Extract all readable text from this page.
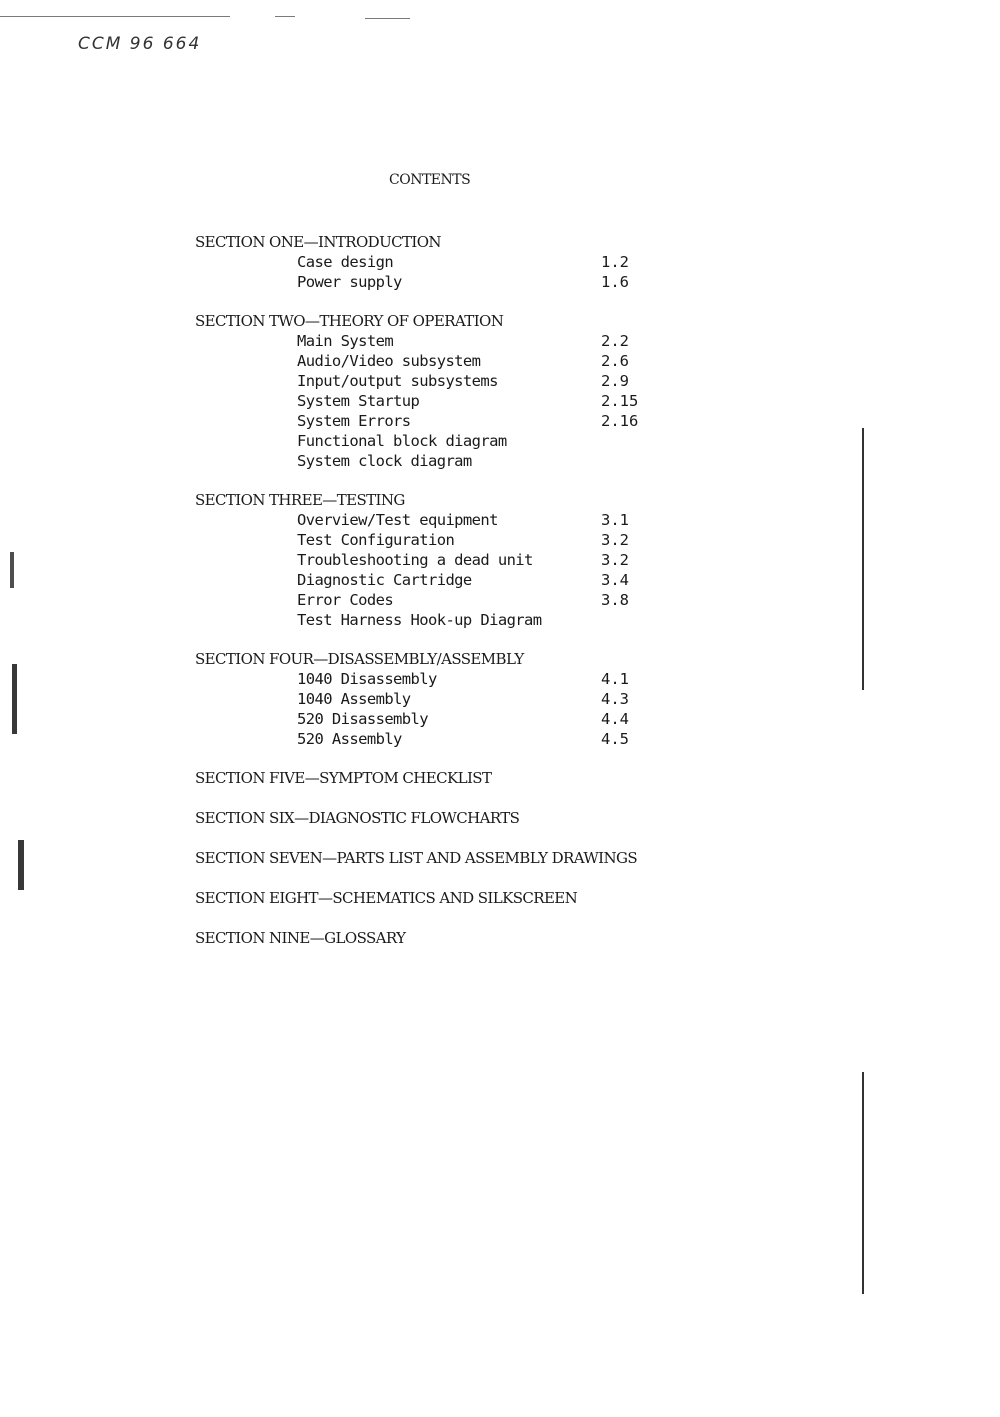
CCM 96 664
CONTENTS
SECTION ONE—INTRODUCTION
Case design	1.2
Power supply	1.6
SECTION TWO—THEORY OF OPERATION
Main System	2.2
Audio/Video subsystem	2.6
Input/output subsystems	2.9
System Startup	2.15
System Errors	2.16
Functional block diagram
System clock diagram
SECTION THREE—TESTING
Overview/Test equipment	3.1
Test Configuration	3.2
Troubleshooting a dead unit	3.2
Diagnostic Cartridge	3.4
Error Codes	3.8
Test Harness Hook-up Diagram
SECTION FOUR—DISASSEMBLY/ASSEMBLY
1040 Disassembly	4.1
1040 Assembly	4.3
520 Disassembly	4.4
520 Assembly	4.5
SECTION FIVE—SYMPTOM CHECKLIST
SECTION SIX—DIAGNOSTIC FLOWCHARTS
SECTION SEVEN—PARTS LIST AND ASSEMBLY DRAWINGS
SECTION EIGHT—SCHEMATICS AND SILKSCREEN
SECTION NINE—GLOSSARY
